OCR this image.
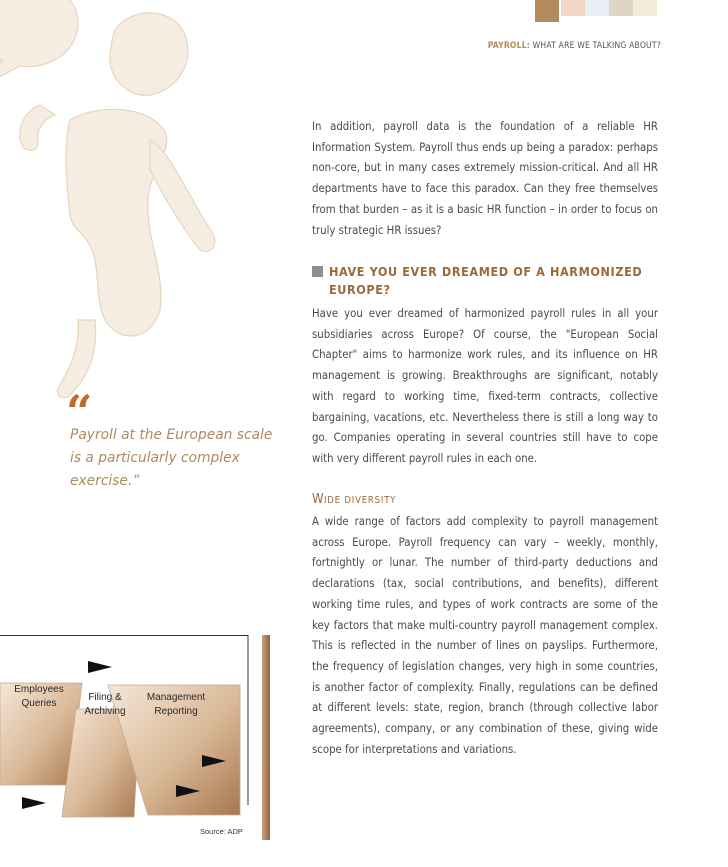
PAYROLL: WHAT ARE WE TALKING ABOUT?

In addition, payroll data is the foundation of a reliable HR Information System. Payroll thus ends up being a paradox: perhaps non-core, but in many cases extremely mission-critical. And all HR departments have to face this paradox. Can they free themselves from that burden – as it is a basic HR function – in order to focus on truly strategic HR issues?

HAVE YOU EVER DREAMED OF A HARMONIZED
EUROPE?

Have you ever dreamed of harmonized payroll rules in all your subsidiaries across Europe? Of course, the "European Social Chapter" aims to harmonize work rules, and its influence on HR management is growing. Breakthroughs are significant, notably with regard to working time, fixed-term contracts, collective bargaining, vacations, etc. Nevertheless there is still a long way to go. Companies operating in several countries still have to cope with very different payroll rules in each one.

WIDE DIVERSITY

A wide range of factors add complexity to payroll management across Europe. Payroll frequency can vary – weekly, monthly, fortnightly or lunar. The number of third-party deductions and declarations (tax, social contributions, and benefits), different working time rules, and types of work contracts are some of the key factors that make multi-country payroll management complex. This is reflected in the number of lines on payslips. Furthermore, the frequency of legislation changes, very high in some countries, is another factor of complexity. Finally, regulations can be defined at different levels: state, region, branch (through collective labor agreements), company, or any combination of these, giving wide scope for interpretations and variations.

“
Payroll at the European scale is a particularly complex exercise.”
Employees
Queries
Filing &
Archiving
Management
Reporting
Source: ADP
